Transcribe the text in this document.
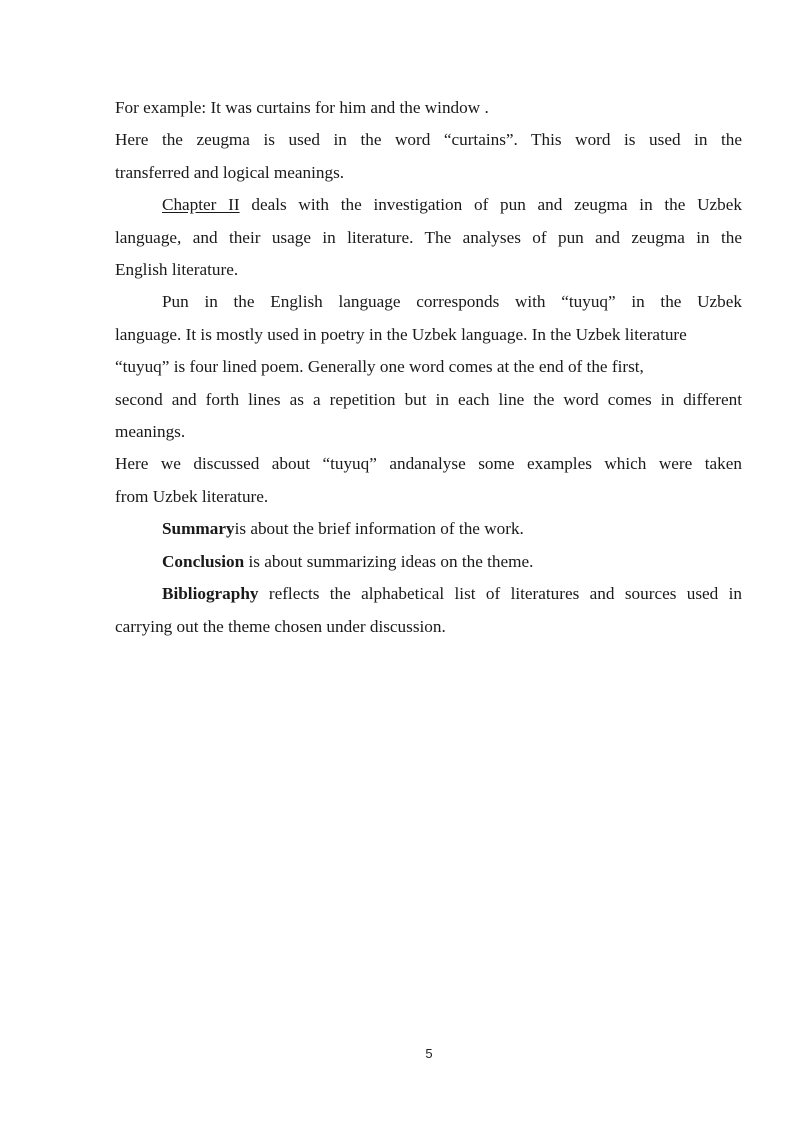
For example: It was curtains for him and the window .
Here the zeugma is used in the word “curtains”. This word is used in the
transferred and logical meanings.
Chapter II deals with the investigation of pun and zeugma in the Uzbek
language, and their usage in literature. The analyses of pun and zeugma in the
English literature.
Pun in the English language corresponds with “tuyuq” in the Uzbek
language. It is mostly used in poetry in the Uzbek language. In the Uzbek literature
“tuyuq” is four lined poem. Generally one word comes at the end of the first,
second and forth lines as a repetition but in each line the word comes in different
meanings.
Here we discussed about “tuyuq” andanalyse some examples which were taken
from Uzbek literature.
Summaryis about the brief information of the work.
Conclusion is about summarizing ideas on the theme.
Bibliography reflects the alphabetical list of literatures and sources used in
carrying out the theme chosen under discussion.
5
